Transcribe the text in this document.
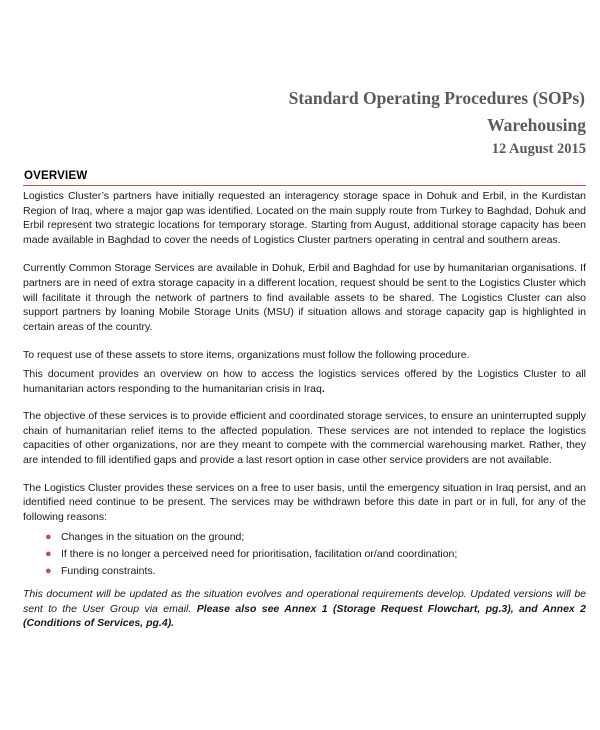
Standard Operating Procedures (SOPs)
Warehousing
12 August 2015
OVERVIEW

Logistics Cluster’s partners have initially requested an interagency storage space in Dohuk and Erbil, in the Kurdistan Region of Iraq, where a major gap was identified. Located on the main supply route from Turkey to Baghdad, Dohuk and Erbil represent two strategic locations for temporary storage. Starting from August, additional storage capacity has been made available in Baghdad to cover the needs of Logistics Cluster partners operating in central and southern areas.

Currently Common Storage Services are available in Dohuk, Erbil and Baghdad for use by humanitarian organisations. If partners are in need of extra storage capacity in a different location, request should be sent to the Logistics Cluster which will facilitate it through the network of partners to find available assets to be shared. The Logistics Cluster can also support partners by loaning Mobile Storage Units (MSU) if situation allows and storage capacity gap is highlighted in certain areas of the country.

To request use of these assets to store items, organizations must follow the following procedure.

This document provides an overview on how to access the logistics services offered by the Logistics Cluster to all humanitarian actors responding to the humanitarian crisis in Iraq.

The objective of these services is to provide efficient and coordinated storage services, to ensure an uninterrupted supply chain of humanitarian relief items to the affected population. These services are not intended to replace the logistics capacities of other organizations, nor are they meant to compete with the commercial warehousing market. Rather, they are intended to fill identified gaps and provide a last resort option in case other service providers are not available.

The Logistics Cluster provides these services on a free to user basis, until the emergency situation in Iraq persist, and an identified need continue to be present. The services may be withdrawn before this date in part or in full, for any of the following reasons:

● Changes in the situation on the ground;
● If there is no longer a perceived need for prioritisation, facilitation or/and coordination;
● Funding constraints.

This document will be updated as the situation evolves and operational requirements develop. Updated versions will be sent to the User Group via email. Please also see Annex 1 (Storage Request Flowchart, pg.3), and Annex 2 (Conditions of Services, pg.4).
